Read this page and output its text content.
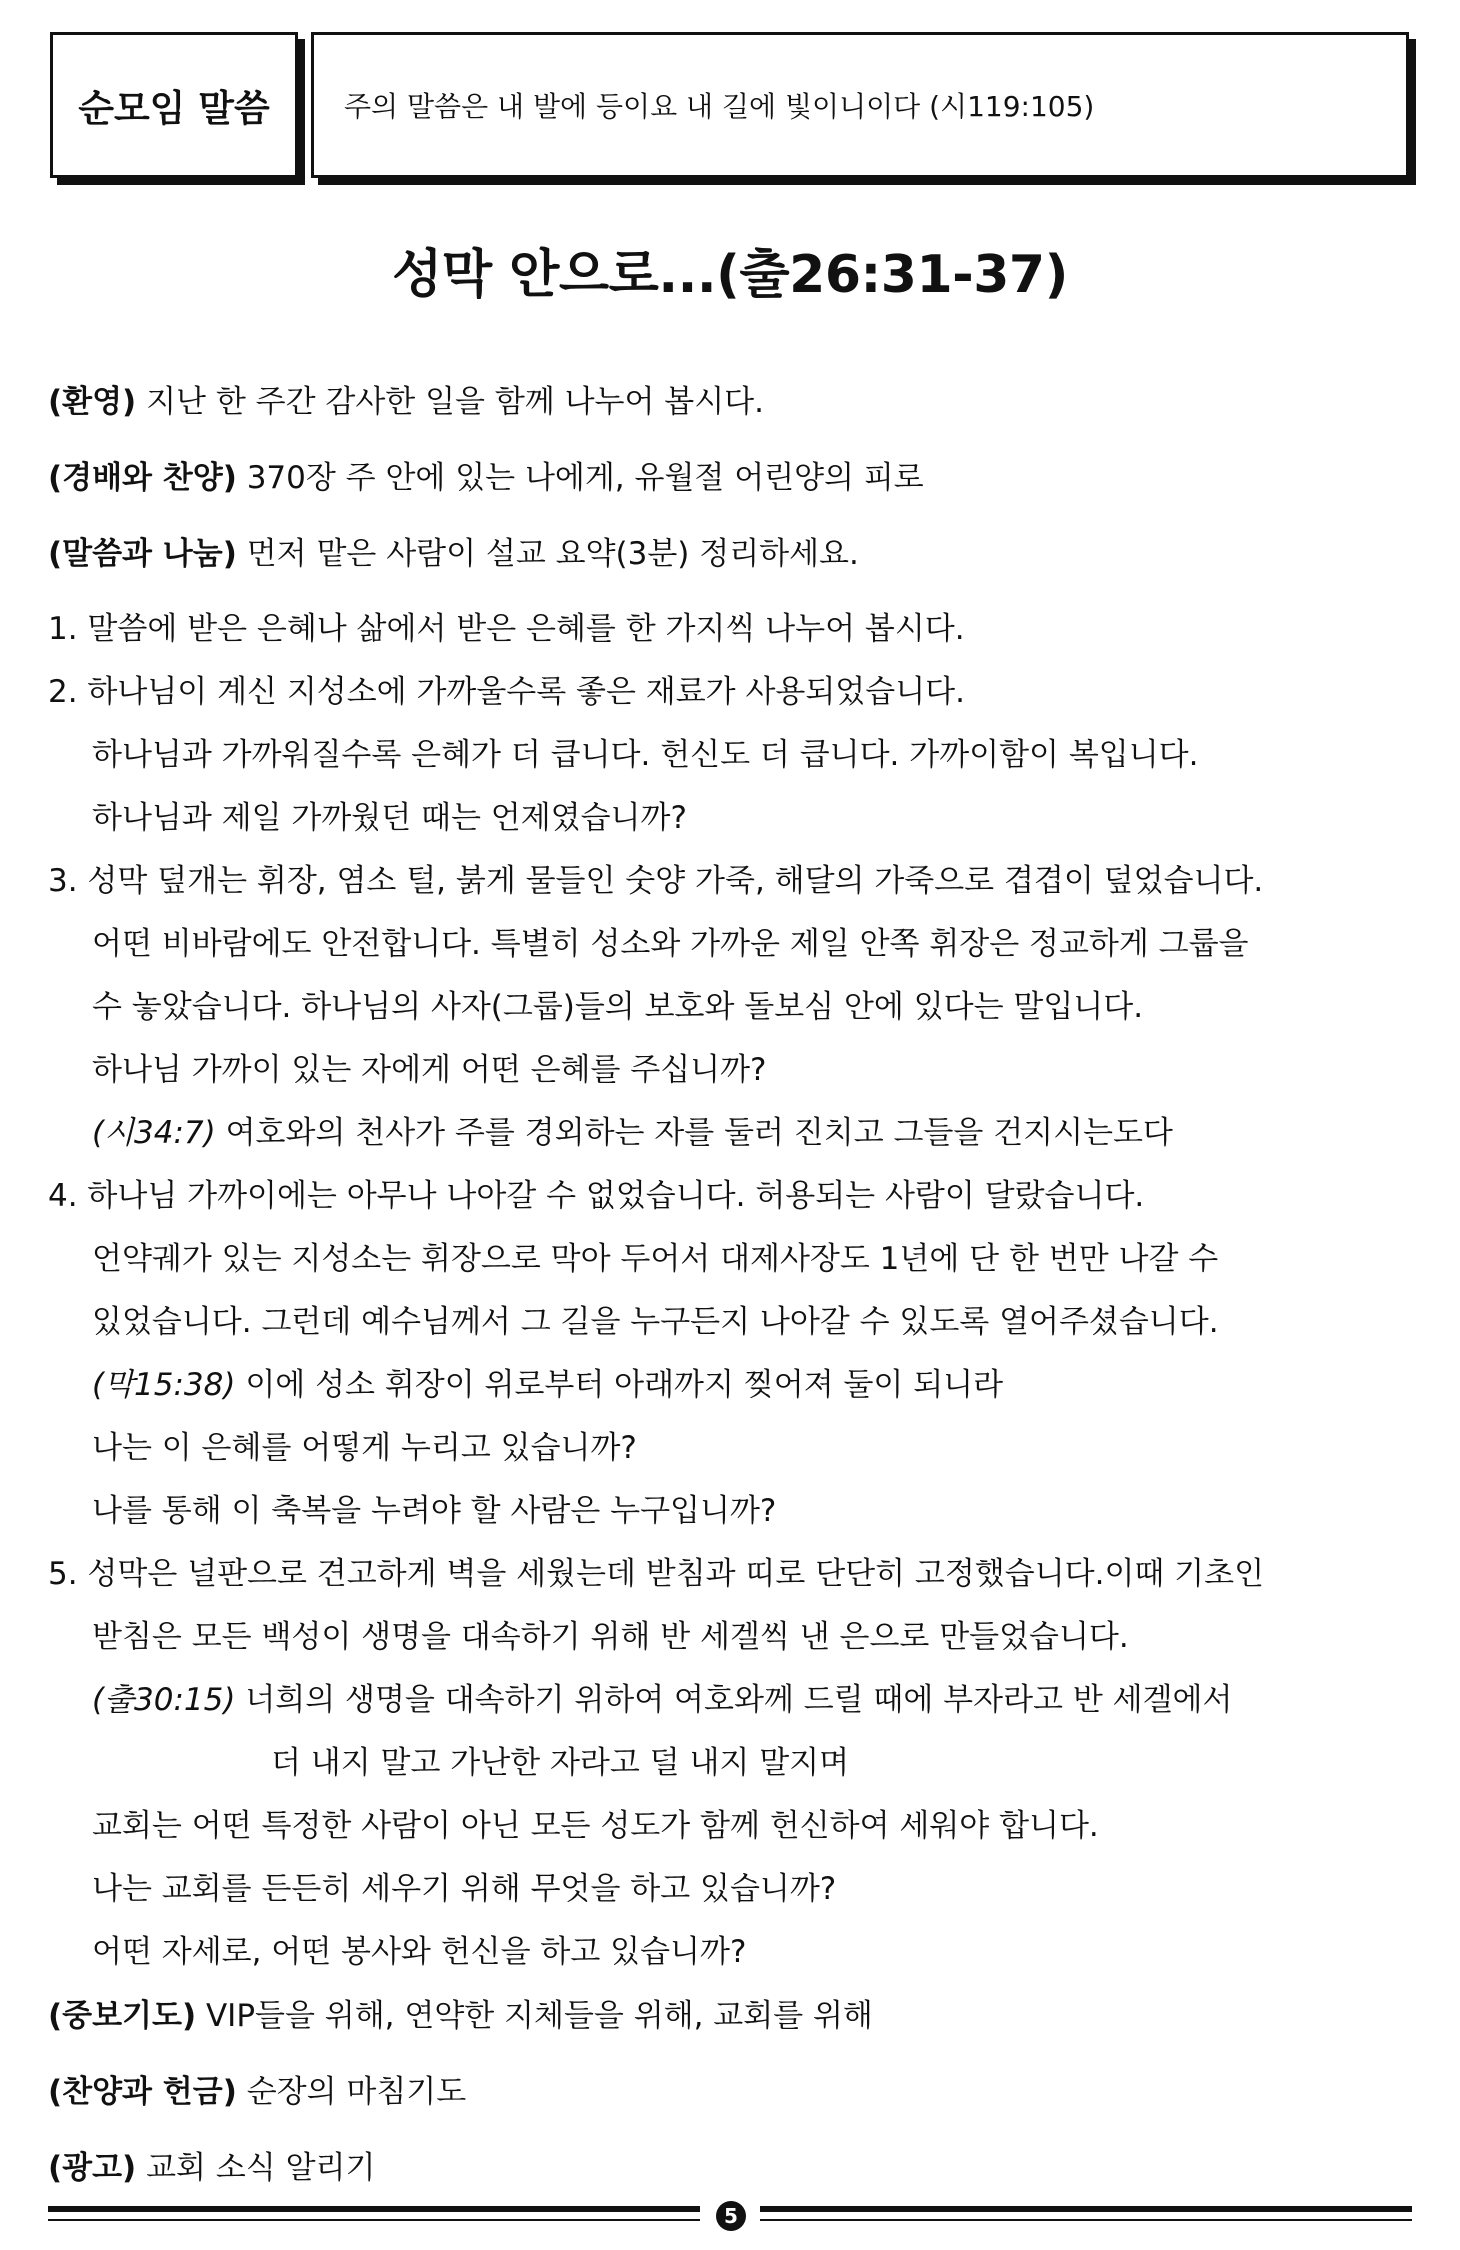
순모임 말씀	주의 말씀은 내 발에 등이요 내 길에 빛이니이다 (시119:105)
성막 안으로...(출26:31-37)
(환영) 지난 한 주간 감사한 일을 함께 나누어 봅시다.
(경배와 찬양) 370장 주 안에 있는 나에게, 유월절 어린양의 피로
(말씀과 나눔) 먼저 맡은 사람이 설교 요약(3분) 정리하세요.
1. 말씀에 받은 은혜나 삶에서 받은 은혜를 한 가지씩 나누어 봅시다.
2. 하나님이 계신 지성소에 가까울수록 좋은 재료가 사용되었습니다.
하나님과 가까워질수록 은혜가 더 큽니다. 헌신도 더 큽니다. 가까이함이 복입니다.
하나님과 제일 가까웠던 때는 언제였습니까?
3. 성막 덮개는 휘장, 염소 털, 붉게 물들인 숫양 가죽, 해달의 가죽으로 겹겹이 덮었습니다.
어떤 비바람에도 안전합니다. 특별히 성소와 가까운 제일 안쪽 휘장은 정교하게 그룹을
수 놓았습니다. 하나님의 사자(그룹)들의 보호와 돌보심 안에 있다는 말입니다.
하나님 가까이 있는 자에게 어떤 은혜를 주십니까?
(시34:7) 여호와의 천사가 주를 경외하는 자를 둘러 진치고 그들을 건지시는도다
4. 하나님 가까이에는 아무나 나아갈 수 없었습니다. 허용되는 사람이 달랐습니다.
언약궤가 있는 지성소는 휘장으로 막아 두어서 대제사장도 1년에 단 한 번만 나갈 수
있었습니다. 그런데 예수님께서 그 길을 누구든지 나아갈 수 있도록 열어주셨습니다.
(막15:38) 이에 성소 휘장이 위로부터 아래까지 찢어져 둘이 되니라
나는 이 은혜를 어떻게 누리고 있습니까?
나를 통해 이 축복을 누려야 할 사람은 누구입니까?
5. 성막은 널판으로 견고하게 벽을 세웠는데 받침과 띠로 단단히 고정했습니다.이때 기초인
받침은 모든 백성이 생명을 대속하기 위해 반 세겔씩 낸 은으로 만들었습니다.
(출30:15) 너희의 생명을 대속하기 위하여 여호와께 드릴 때에 부자라고 반 세겔에서
더 내지 말고 가난한 자라고 덜 내지 말지며
교회는 어떤 특정한 사람이 아닌 모든 성도가 함께 헌신하여 세워야 합니다.
나는 교회를 든든히 세우기 위해 무엇을 하고 있습니까?
어떤 자세로, 어떤 봉사와 헌신을 하고 있습니까?
(중보기도) VIP들을 위해, 연약한 지체들을 위해, 교회를 위해
(찬양과 헌금) 순장의 마침기도
(광고) 교회 소식 알리기
5
